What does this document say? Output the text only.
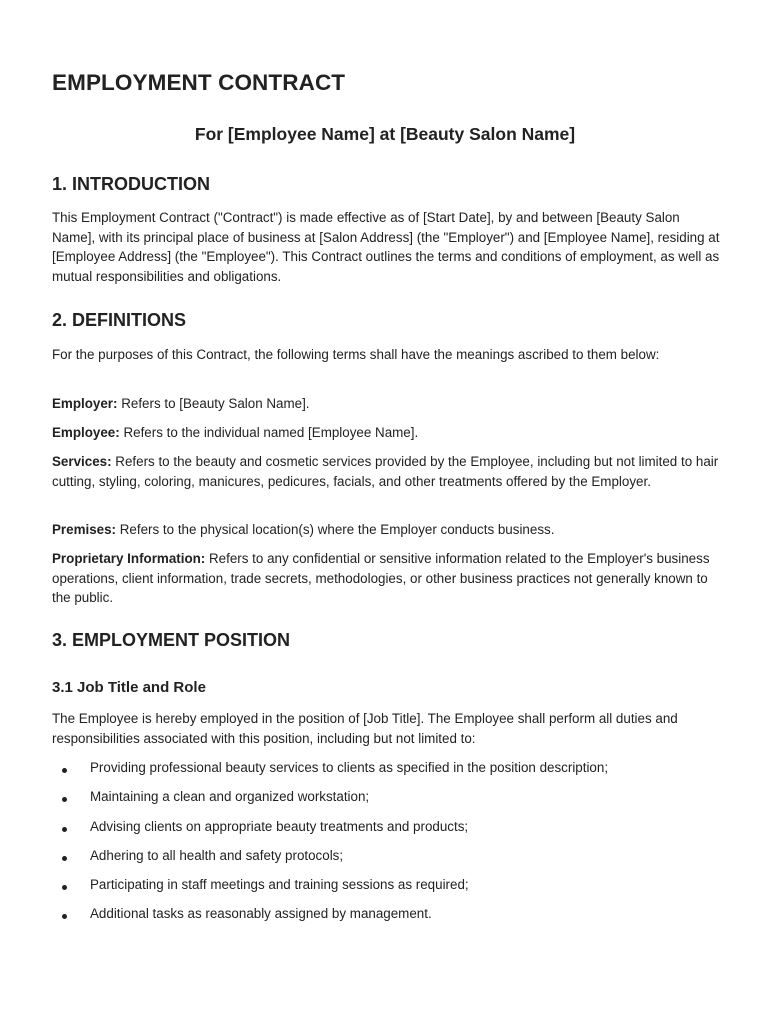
EMPLOYMENT CONTRACT
For [Employee Name] at [Beauty Salon Name]
1. INTRODUCTION

This Employment Contract ("Contract") is made effective as of [Start Date], by and between [Beauty Salon Name], with its principal place of business at [Salon Address] (the "Employer") and [Employee Name], residing at [Employee Address] (the "Employee"). This Contract outlines the terms and conditions of employment, as well as mutual responsibilities and obligations.

2. DEFINITIONS

For the purposes of this Contract, the following terms shall have the meanings ascribed to them below:

Employer: Refers to [Beauty Salon Name].

Employee: Refers to the individual named [Employee Name].

Services: Refers to the beauty and cosmetic services provided by the Employee, including but not limited to hair cutting, styling, coloring, manicures, pedicures, facials, and other treatments offered by the Employer.

Premises: Refers to the physical location(s) where the Employer conducts business.

Proprietary Information: Refers to any confidential or sensitive information related to the Employer's business operations, client information, trade secrets, methodologies, or other business practices not generally known to the public.

3. EMPLOYMENT POSITION
3.1 Job Title and Role

The Employee is hereby employed in the position of [Job Title]. The Employee shall perform all duties and responsibilities associated with this position, including but not limited to:

Providing professional beauty services to clients as specified in the position description;
Maintaining a clean and organized workstation;
Advising clients on appropriate beauty treatments and products;
Adhering to all health and safety protocols;
Participating in staff meetings and training sessions as required;
Additional tasks as reasonably assigned by management.
